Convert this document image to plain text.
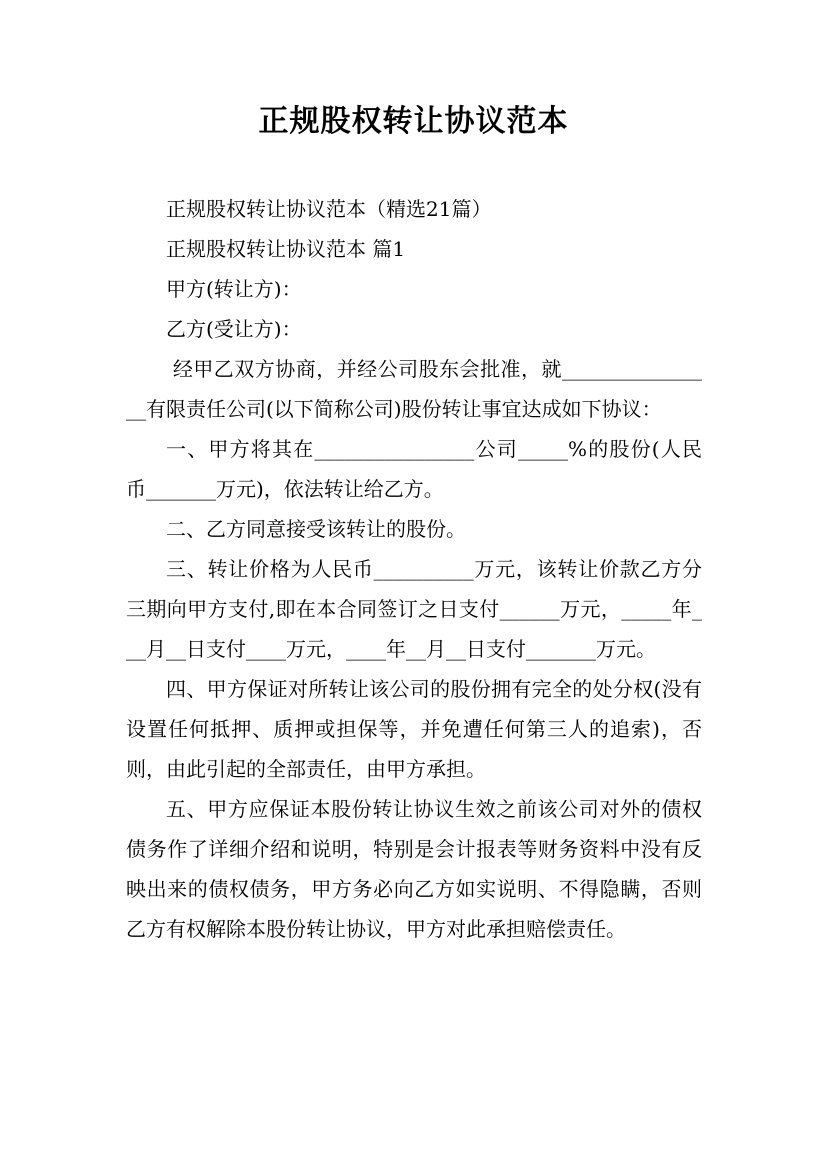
正规股权转让协议范本

正规股权转让协议范本（精选21篇）

正规股权转让协议范本 篇1

甲方(转让方)：

乙方(受让方)：

经甲乙双方协商，并经公司股东会批准，就________________有限责任公司(以下简称公司)股份转让事宜达成如下协议：

一、甲方将其在________________公司_____%的股份(人民币_______万元)，依法转让给乙方。

二、乙方同意接受该转让的股份。

三、转让价格为人民币__________万元，该转让价款乙方分三期向甲方支付,即在本合同签订之日支付______万元，_____年___月__日支付____万元，____年__月__日支付_______万元。

四、甲方保证对所转让该公司的股份拥有完全的处分权(没有设置任何抵押、质押或担保等，并免遭任何第三人的追索)，否则，由此引起的全部责任，由甲方承担。

五、甲方应保证本股份转让协议生效之前该公司对外的债权债务作了详细介绍和说明，特别是会计报表等财务资料中没有反映出来的债权债务，甲方务必向乙方如实说明、不得隐瞒，否则乙方有权解除本股份转让协议，甲方对此承担赔偿责任。
